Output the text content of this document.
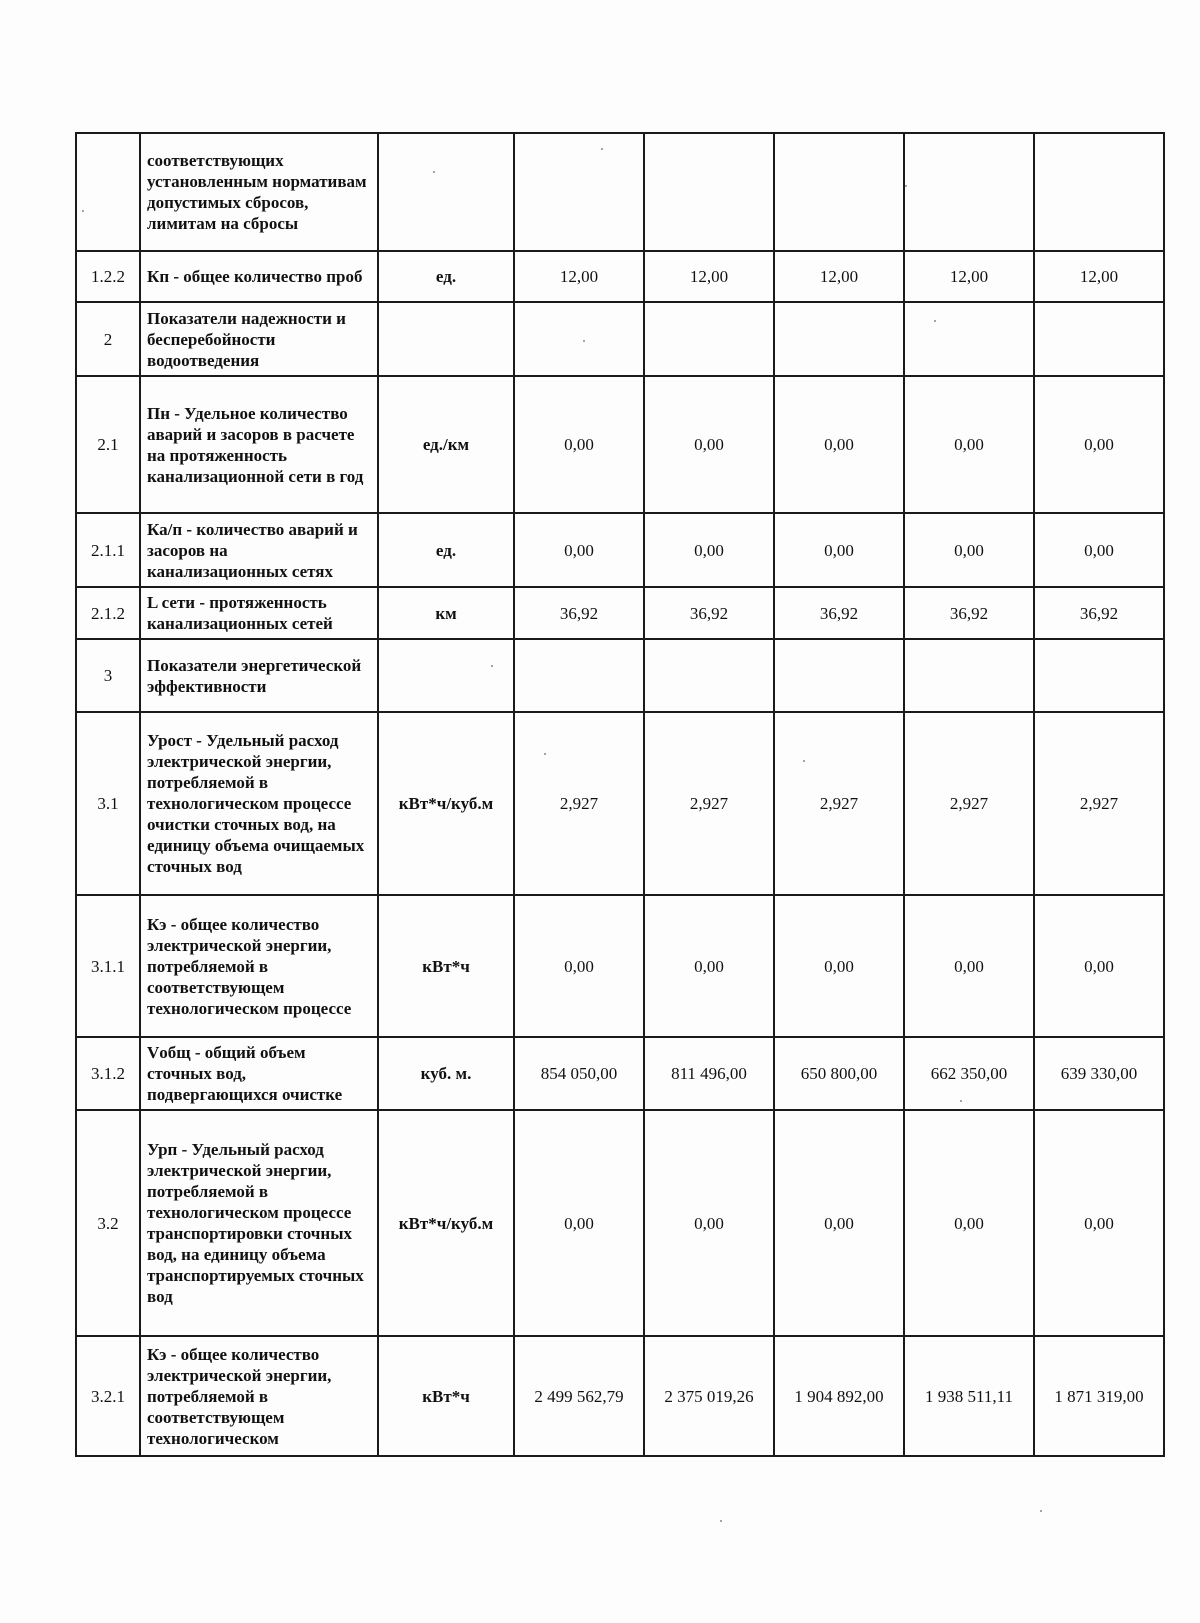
	соответствующих установленным нормативам допустимых сбросов, лимитам на сбросы						
1.2.2	Кп - общее количество проб	ед.	12,00	12,00	12,00	12,00	12,00
2	Показатели надежности и бесперебойности водоотведения						
2.1	Пн - Удельное количество аварий и засоров в расчете на протяженность канализационной сети в год	ед./км	0,00	0,00	0,00	0,00	0,00
2.1.1	Ка/п - количество аварий и засоров на канализационных сетях	ед.	0,00	0,00	0,00	0,00	0,00
2.1.2	L сети - протяженность канализационных сетей	км	36,92	36,92	36,92	36,92	36,92
3	Показатели энергетической эффективности						
3.1	Урост - Удельный расход электрической энергии, потребляемой в технологическом процессе очистки сточных вод, на единицу объема очищаемых сточных вод	кВт*ч/куб.м	2,927	2,927	2,927	2,927	2,927
3.1.1	Кэ - общее количество электрической энергии, потребляемой в соответствующем технологическом процессе	кВт*ч	0,00	0,00	0,00	0,00	0,00
3.1.2	Vобщ - общий объем сточных вод, подвергающихся очистке	куб. м.	854 050,00	811 496,00	650 800,00	662 350,00	639 330,00
3.2	Урп - Удельный расход электрической энергии, потребляемой в технологическом процессе транспортировки сточных вод, на единицу объема транспортируемых сточных вод	кВт*ч/куб.м	0,00	0,00	0,00	0,00	0,00
3.2.1	Кэ - общее количество электрической энергии, потребляемой в соответствующем технологическом	кВт*ч	2 499 562,79	2 375 019,26	1 904 892,00	1 938 511,11	1 871 319,00
